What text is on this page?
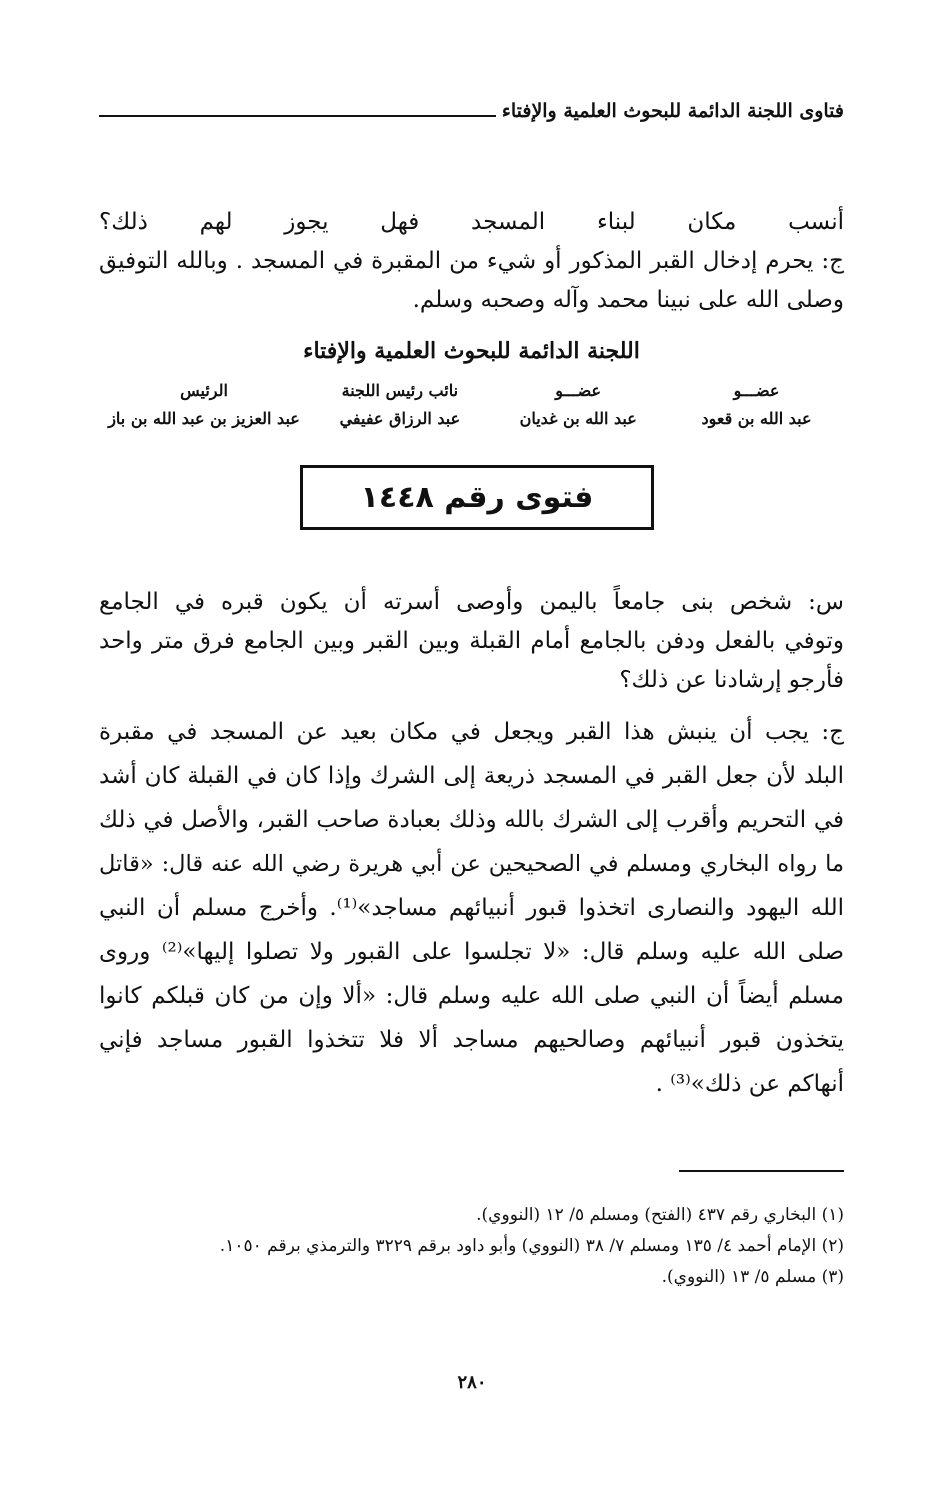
فتاوى اللجنة الدائمة للبحوث العلمية والإفتاء
أنسب مكان لبناء المسجد فهل يجوز لهم ذلك؟
ج: يحرم إدخال القبر المذكور أو شيء من المقبرة في المسجد . وبالله التوفيق
وصلى الله على نبينا محمد وآله وصحبه وسلم.
اللجنة الدائمة للبحوث العلمية والإفتاء
عضـــو
عبد الله بن قعود
عضـــو
عبد الله بن غديان
نائب رئيس اللجنة
عبد الرزاق عفيفي
الرئيس
عبد العزيز بن عبد الله بن باز
فتوى رقم ١٤٤٨
س: شخص بنى جامعاً باليمن وأوصى أسرته أن يكون قبره في الجامع
وتوفي بالفعل ودفن بالجامع أمام القبلة وبين القبر وبين الجامع فرق متر واحد
فأرجو إرشادنا عن ذلك؟
ج: يجب أن ينبش هذا القبر ويجعل في مكان بعيد عن المسجد في مقبرة
البلد لأن جعل القبر في المسجد ذريعة إلى الشرك وإذا كان في القبلة كان أشد
في التحريم وأقرب إلى الشرك بالله وذلك بعبادة صاحب القبر، والأصل في ذلك
ما رواه البخاري ومسلم في الصحيحين عن أبي هريرة رضي الله عنه قال: «قاتل
الله اليهود والنصارى اتخذوا قبور أنبيائهم مساجد»⁽¹⁾. وأخرج مسلم أن النبي
صلى الله عليه وسلم قال: «لا تجلسوا على القبور ولا تصلوا إليها»⁽²⁾ وروى
مسلم أيضاً أن النبي صلى الله عليه وسلم قال: «ألا وإن من كان قبلكم كانوا
يتخذون قبور أنبيائهم وصالحيهم مساجد ألا فلا تتخذوا القبور مساجد فإني
أنهاكم عن ذلك»⁽³⁾ .
(١) البخاري رقم ٤٣٧ (الفتح) ومسلم ٥/ ١٢ (النووي).
(٢) الإمام أحمد ٤/ ١٣٥ ومسلم ٧/ ٣٨ (النووي) وأبو داود برقم ٣٢٢٩ والترمذي برقم ١٠٥٠.
(٣) مسلم ٥/ ١٣ (النووي).
٢٨٠
